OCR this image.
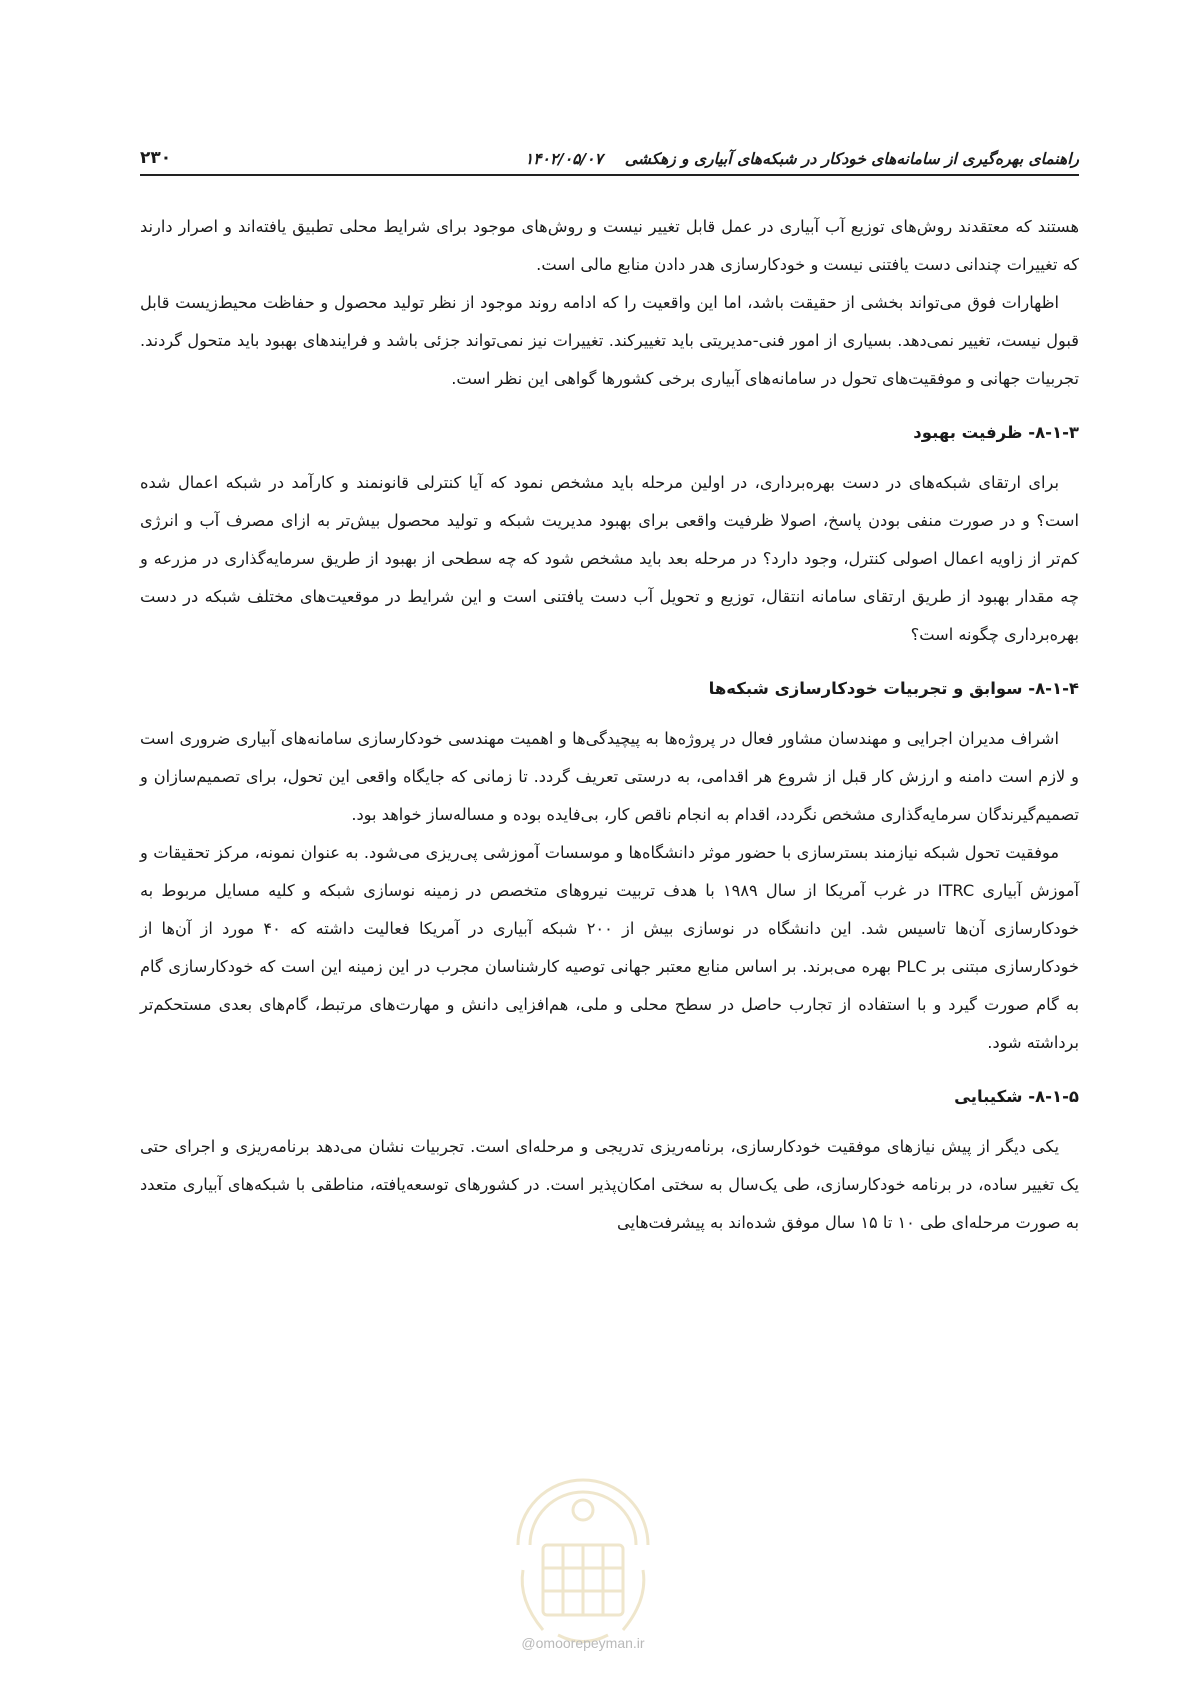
راهنمای بهره‌گیری از سامانه‌های خودکار در شبکه‌های آبیاری و زهکشی
۱۴۰۲/۰۵/۰۷
۲۳۰

هستند که معتقدند روش‌های توزیع آب آبیاری در عمل قابل تغییر نیست و روش‌های موجود برای شرایط محلی تطبیق یافته‌اند و اصرار دارند که تغییرات چندانی دست یافتنی نیست و خودکارسازی هدر دادن منابع مالی است.

اظهارات فوق می‌تواند بخشی از حقیقت باشد، اما این واقعیت را که ادامه روند موجود از نظر تولید محصول و حفاظت محیط‌زیست قابل قبول نیست، تغییر نمی‌دهد. بسیاری از امور فنی-مدیریتی باید تغییرکند. تغییرات نیز نمی‌تواند جزئی باشد و فرایندهای بهبود باید متحول گردند. تجربیات جهانی و موفقیت‌های تحول در سامانه‌های آبیاری برخی کشورها گواهی این نظر است.

۸-۱-۳- ظرفیت بهبود

برای ارتقای شبکه‌های در دست بهره‌برداری، در اولین مرحله باید مشخص نمود که آیا کنترلی قانونمند و کارآمد در شبکه اعمال شده است؟ و در صورت منفی بودن پاسخ، اصولا ظرفیت واقعی برای بهبود مدیریت شبکه و تولید محصول بیش‌تر به ازای مصرف آب و انرژی کم‌تر از زاویه اعمال اصولی کنترل، وجود دارد؟ در مرحله بعد باید مشخص شود که چه سطحی از بهبود از طریق سرمایه‌گذاری در مزرعه و چه مقدار بهبود از طریق ارتقای سامانه انتقال، توزیع و تحویل آب دست یافتنی است و این شرایط در موقعیت‌های مختلف شبکه در دست بهره‌برداری چگونه است؟

۸-۱-۴- سوابق و تجربیات خودکارسازی شبکه‌ها

اشراف مدیران اجرایی و مهندسان مشاور فعال در پروژه‌ها به پیچیدگی‌ها و اهمیت مهندسی خودکارسازی سامانه‌های آبیاری ضروری است و لازم است دامنه و ارزش کار قبل از شروع هر اقدامی، به درستی تعریف گردد. تا زمانی که جایگاه واقعی این تحول، برای تصمیم‌سازان و تصمیم‌گیرندگان سرمایه‌گذاری مشخص نگردد، اقدام به انجام ناقص کار، بی‌فایده بوده و مساله‌ساز خواهد بود.

موفقیت تحول شبکه نیازمند بسترسازی با حضور موثر دانشگاه‌ها و موسسات آموزشی پی‌ریزی می‌شود. به عنوان نمونه، مرکز تحقیقات و آموزش آبیاری ITRC در غرب آمریکا از سال ۱۹۸۹ با هدف تربیت نیروهای متخصص در زمینه نوسازی شبکه و کلیه مسایل مربوط به خودکارسازی آن‌ها تاسیس شد. این دانشگاه در نوسازی بیش از ۲۰۰ شبکه آبیاری در آمریکا فعالیت داشته که ۴۰ مورد از آن‌ها از خودکارسازی مبتنی بر PLC بهره می‌برند. بر اساس منابع معتبر جهانی توصیه کارشناسان مجرب در این زمینه این است که خودکارسازی گام به گام صورت گیرد و با استفاده از تجارب حاصل در سطح محلی و ملی، هم‌افزایی دانش و مهارت‌های مرتبط، گام‌های بعدی مستحکم‌تر برداشته شود.

۸-۱-۵- شکیبایی

یکی دیگر از پیش نیازهای موفقیت خودکارسازی، برنامه‌ریزی تدریجی و مرحله‌ای است. تجربیات نشان می‌دهد برنامه‌ریزی و اجرای حتی یک تغییر ساده، در برنامه خودکارسازی، طی یک‌سال به سختی امکان‌پذیر است. در کشورهای توسعه‌یافته، مناطقی با شبکه‌های آبیاری متعدد به صورت مرحله‌ای طی ۱۰ تا ۱۵ سال موفق شده‌اند به پیشرفت‌هایی

@omoorepeyman.ir
